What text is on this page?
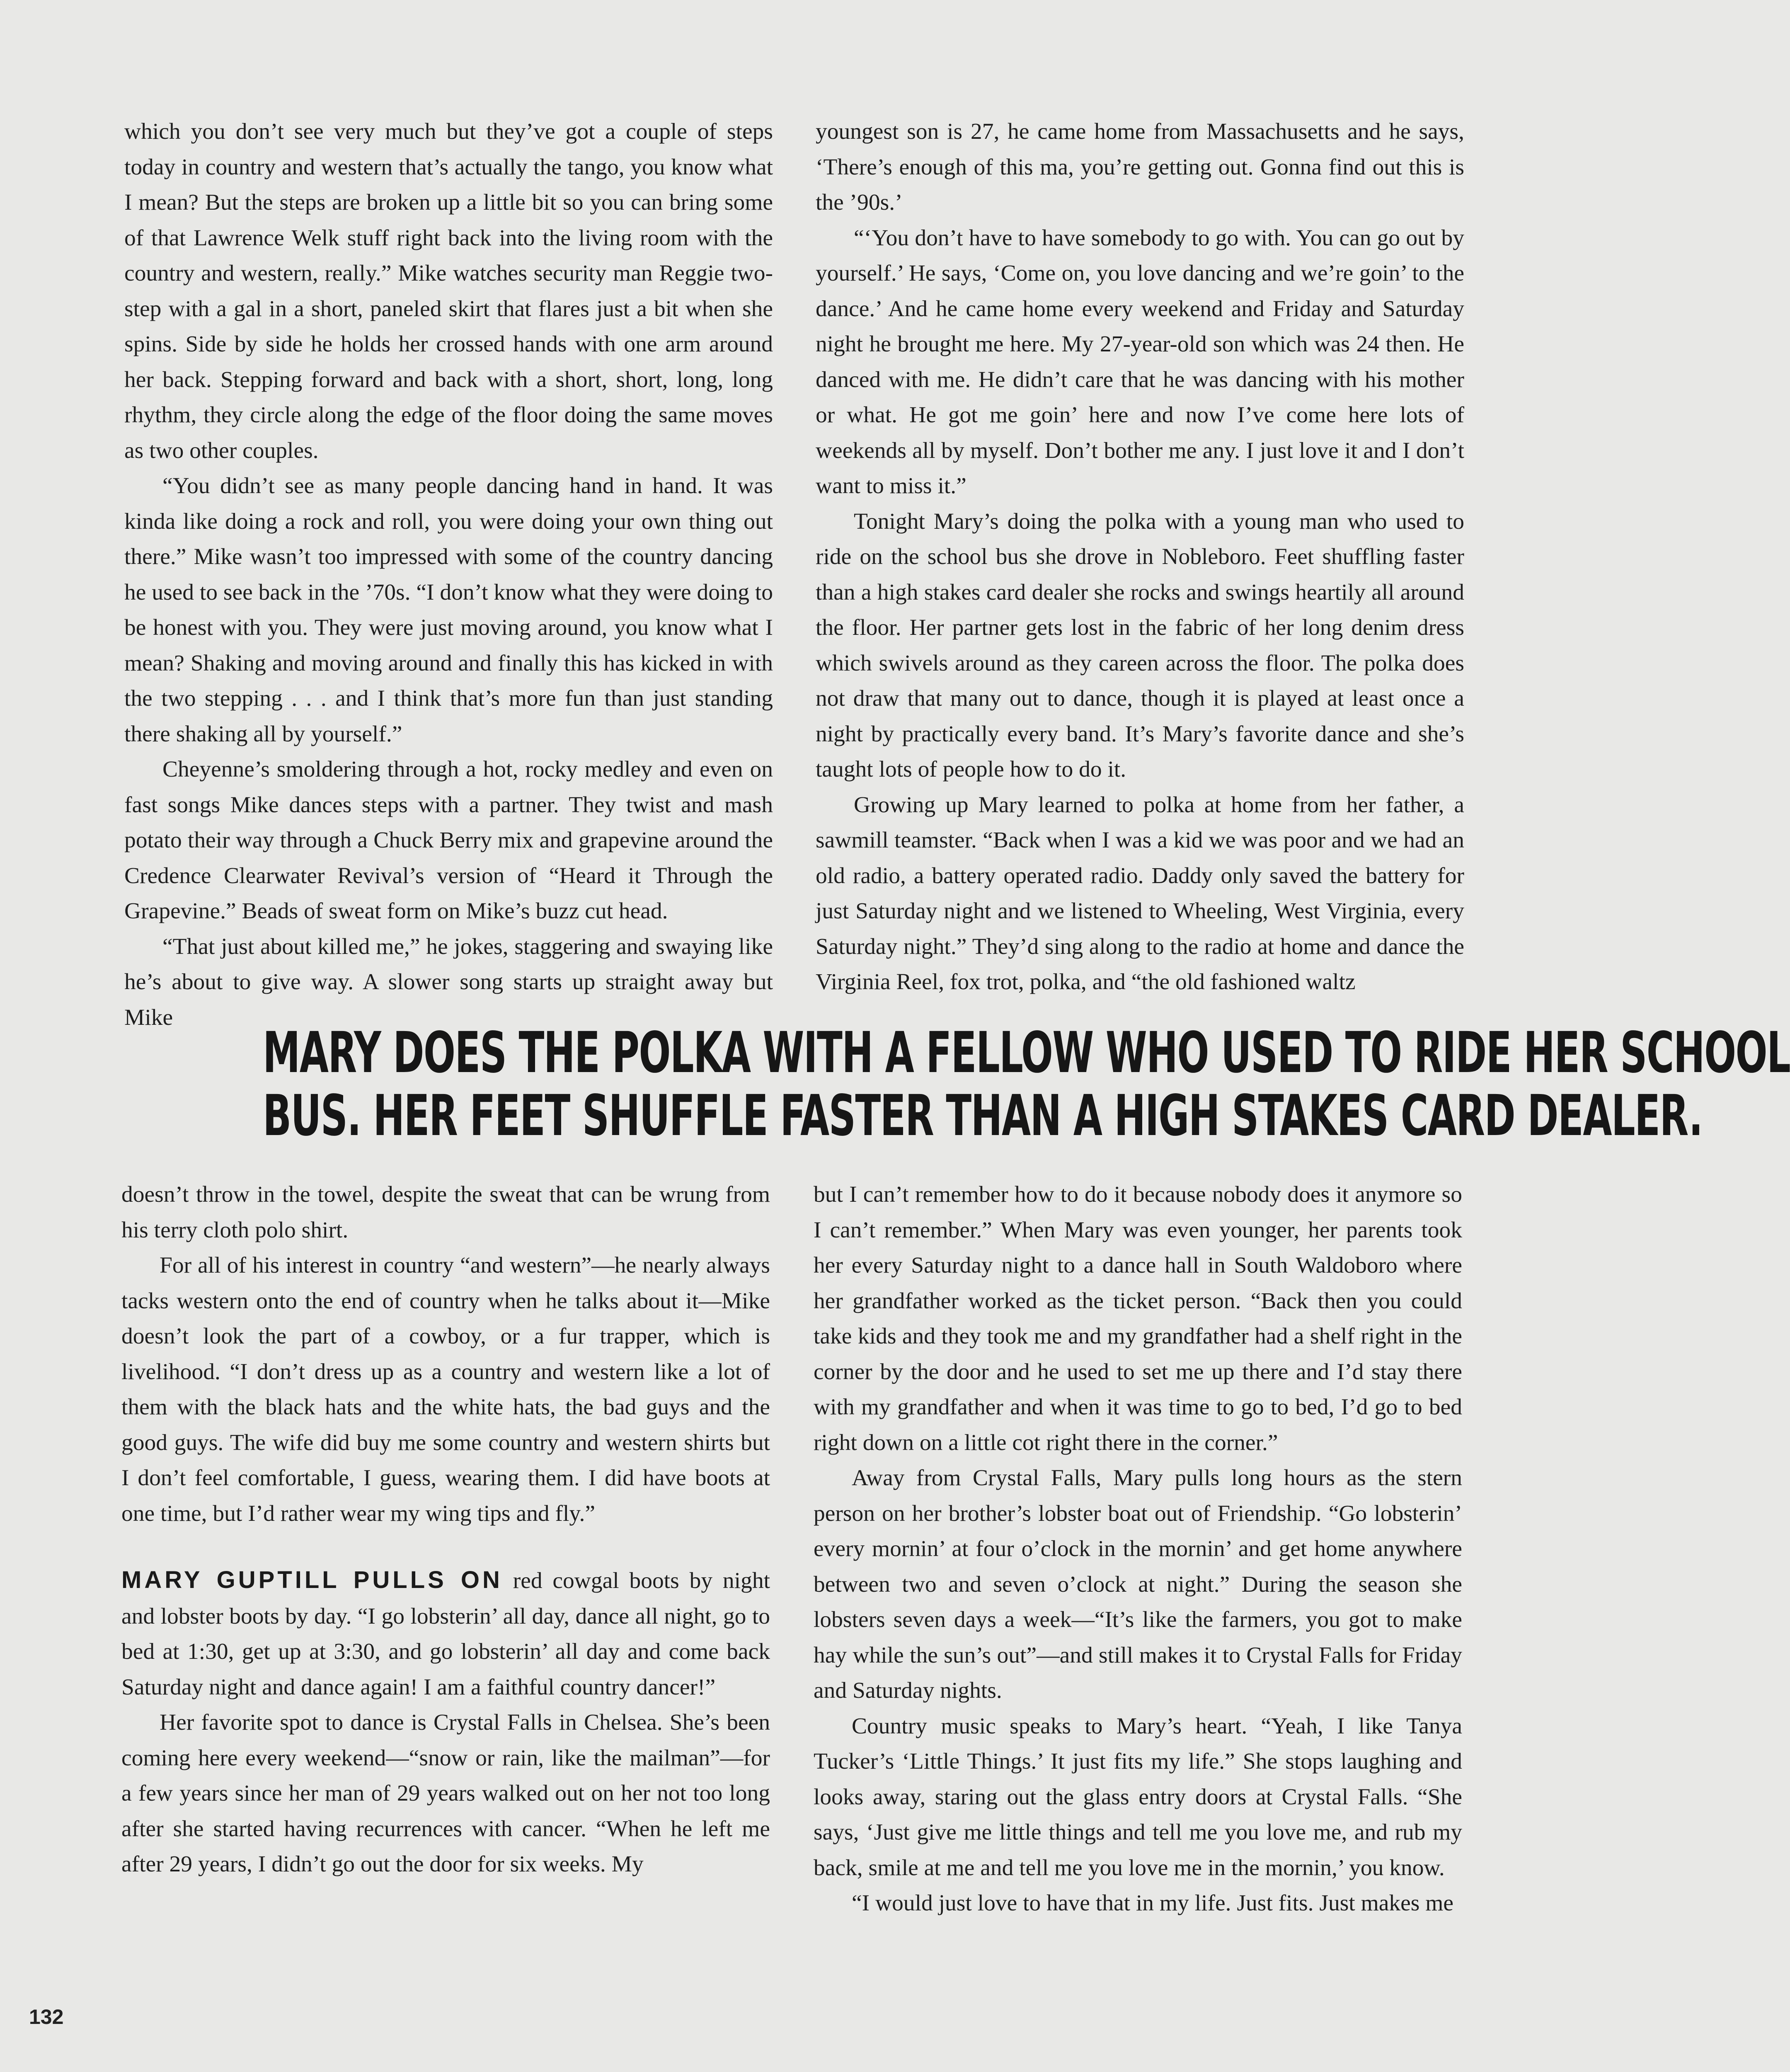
which you don’t see very much but they’ve got a couple of steps today in country and western that’s actually the tango, you know what I mean? But the steps are broken up a little bit so you can bring some of that Lawrence Welk stuff right back into the living room with the country and western, really.” Mike watches security man Reggie two-step with a gal in a short, paneled skirt that flares just a bit when she spins. Side by side he holds her crossed hands with one arm around her back. Stepping forward and back with a short, short, long, long rhythm, they circle along the edge of the floor doing the same moves as two other couples.

“You didn’t see as many people dancing hand in hand. It was kinda like doing a rock and roll, you were doing your own thing out there.” Mike wasn’t too impressed with some of the country dancing he used to see back in the ’70s. “I don’t know what they were doing to be honest with you. They were just moving around, you know what I mean? Shaking and moving around and finally this has kicked in with the two stepping . . . and I think that’s more fun than just standing there shaking all by yourself.”

Cheyenne’s smoldering through a hot, rocky medley and even on fast songs Mike dances steps with a partner. They twist and mash potato their way through a Chuck Berry mix and grapevine around the Credence Clearwater Revival’s version of “Heard it Through the Grapevine.” Beads of sweat form on Mike’s buzz cut head.

“That just about killed me,” he jokes, staggering and swaying like he’s about to give way. A slower song starts up straight away but Mike

youngest son is 27, he came home from Massachusetts and he says, ‘There’s enough of this ma, you’re getting out. Gonna find out this is the ’90s.’

“‘You don’t have to have somebody to go with. You can go out by yourself.’ He says, ‘Come on, you love dancing and we’re goin’ to the dance.’ And he came home every weekend and Friday and Saturday night he brought me here. My 27-year-old son which was 24 then. He danced with me. He didn’t care that he was dancing with his mother or what. He got me goin’ here and now I’ve come here lots of weekends all by myself. Don’t bother me any. I just love it and I don’t want to miss it.”

Tonight Mary’s doing the polka with a young man who used to ride on the school bus she drove in Nobleboro. Feet shuffling faster than a high stakes card dealer she rocks and swings heartily all around the floor. Her partner gets lost in the fabric of her long denim dress which swivels around as they careen across the floor. The polka does not draw that many out to dance, though it is played at least once a night by practically every band. It’s Mary’s favorite dance and she’s taught lots of people how to do it.

Growing up Mary learned to polka at home from her father, a sawmill teamster. “Back when I was a kid we was poor and we had an old radio, a battery operated radio. Daddy only saved the battery for just Saturday night and we listened to Wheeling, West Virginia, every Saturday night.” They’d sing along to the radio at home and dance the Virginia Reel, fox trot, polka, and “the old fashioned waltz

MARY DOES THE POLKA WITH A FELLOW WHO USED TO RIDE HER SCHOOL
BUS. HER FEET SHUFFLE FASTER THAN A HIGH STAKES CARD DEALER.

doesn’t throw in the towel, despite the sweat that can be wrung from his terry cloth polo shirt.

For all of his interest in country “and western”—he nearly always tacks western onto the end of country when he talks about it—Mike doesn’t look the part of a cowboy, or a fur trapper, which is livelihood. “I don’t dress up as a country and western like a lot of them with the black hats and the white hats, the bad guys and the good guys. The wife did buy me some country and western shirts but I don’t feel comfortable, I guess, wearing them. I did have boots at one time, but I’d rather wear my wing tips and fly.”

MARY GUPTILL PULLS ON red cowgal boots by night and lobster boots by day. “I go lobsterin’ all day, dance all night, go to bed at 1:30, get up at 3:30, and go lobsterin’ all day and come back Saturday night and dance again! I am a faithful country dancer!”

Her favorite spot to dance is Crystal Falls in Chelsea. She’s been coming here every weekend—“snow or rain, like the mailman”—for a few years since her man of 29 years walked out on her not too long after she started having recurrences with cancer. “When he left me after 29 years, I didn’t go out the door for six weeks. My

but I can’t remember how to do it because nobody does it anymore so I can’t remember.” When Mary was even younger, her parents took her every Saturday night to a dance hall in South Waldoboro where her grandfather worked as the ticket person. “Back then you could take kids and they took me and my grandfather had a shelf right in the corner by the door and he used to set me up there and I’d stay there with my grandfather and when it was time to go to bed, I’d go to bed right down on a little cot right there in the corner.”

Away from Crystal Falls, Mary pulls long hours as the stern person on her brother’s lobster boat out of Friendship. “Go lobsterin’ every mornin’ at four o’clock in the mornin’ and get home anywhere between two and seven o’clock at night.” During the season she lobsters seven days a week—“It’s like the farmers, you got to make hay while the sun’s out”—and still makes it to Crystal Falls for Friday and Saturday nights.

Country music speaks to Mary’s heart. “Yeah, I like Tanya Tucker’s ‘Little Things.’ It just fits my life.” She stops laughing and looks away, staring out the glass entry doors at Crystal Falls. “She says, ‘Just give me little things and tell me you love me, and rub my back, smile at me and tell me you love me in the mornin,’ you know.

“I would just love to have that in my life. Just fits. Just makes me

132
